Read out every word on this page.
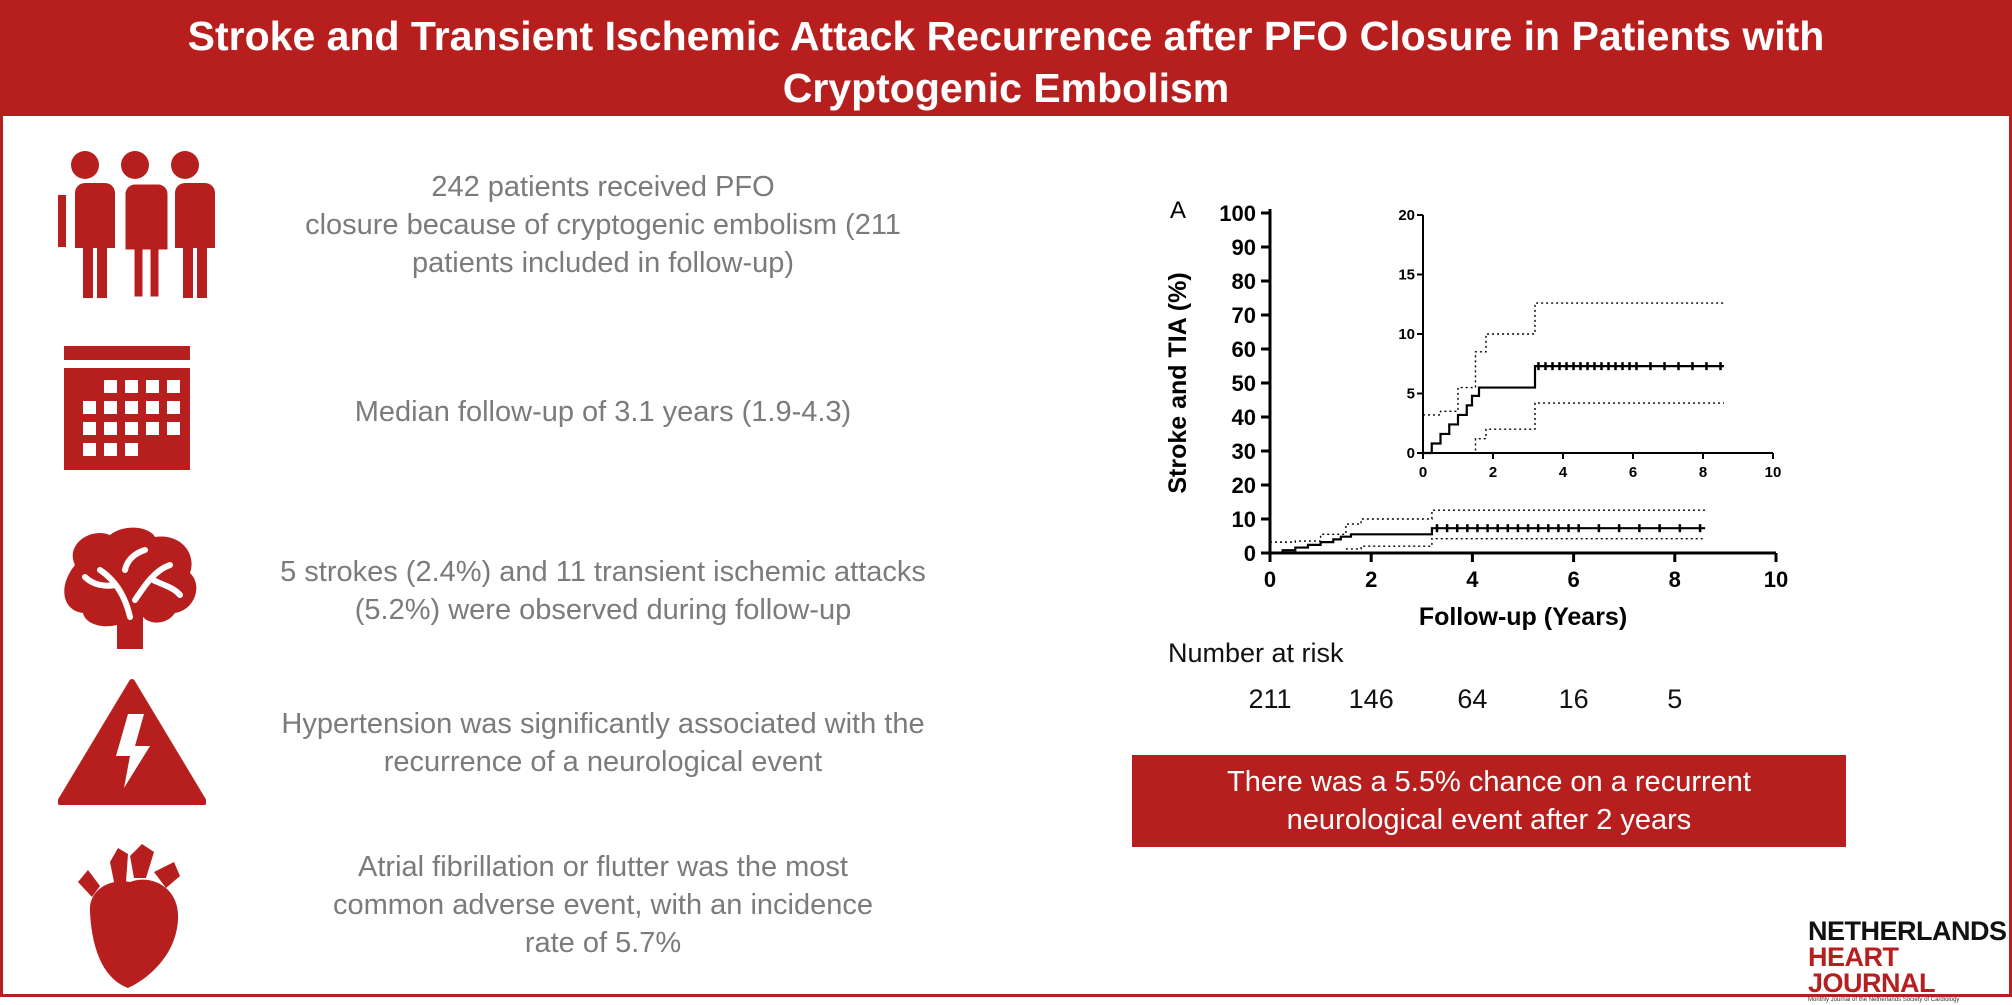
Stroke and Transient Ischemic Attack Recurrence after PFO Closure in Patients with
Cryptogenic Embolism
242 patients received PFO
closure because of cryptogenic embolism (211
patients included in follow-up)
Median follow-up of 3.1 years (1.9-4.3)
5 strokes (2.4%) and 11 transient ischemic attacks
(5.2%) were observed during follow-up
Hypertension was significantly associated with the
recurrence of a neurological event
Atrial fibrillation or flutter was the most
common adverse event, with an incidence
rate of 5.7%
A
0
10
20
30
40
50
60
70
80
90
100
0	2	4	6	8	10
Follow-up (Years)
Stroke and TIA (%)	0
5
10
15
20
0	2	4	6	8	10
Number at risk
211	146	64	16	5
There was a 5.5% chance on a recurrent
neurological event after 2 years
NETHERLANDS
HEART JOURNAL
Monthly Journal of the Netherlands Society of Cardiology
